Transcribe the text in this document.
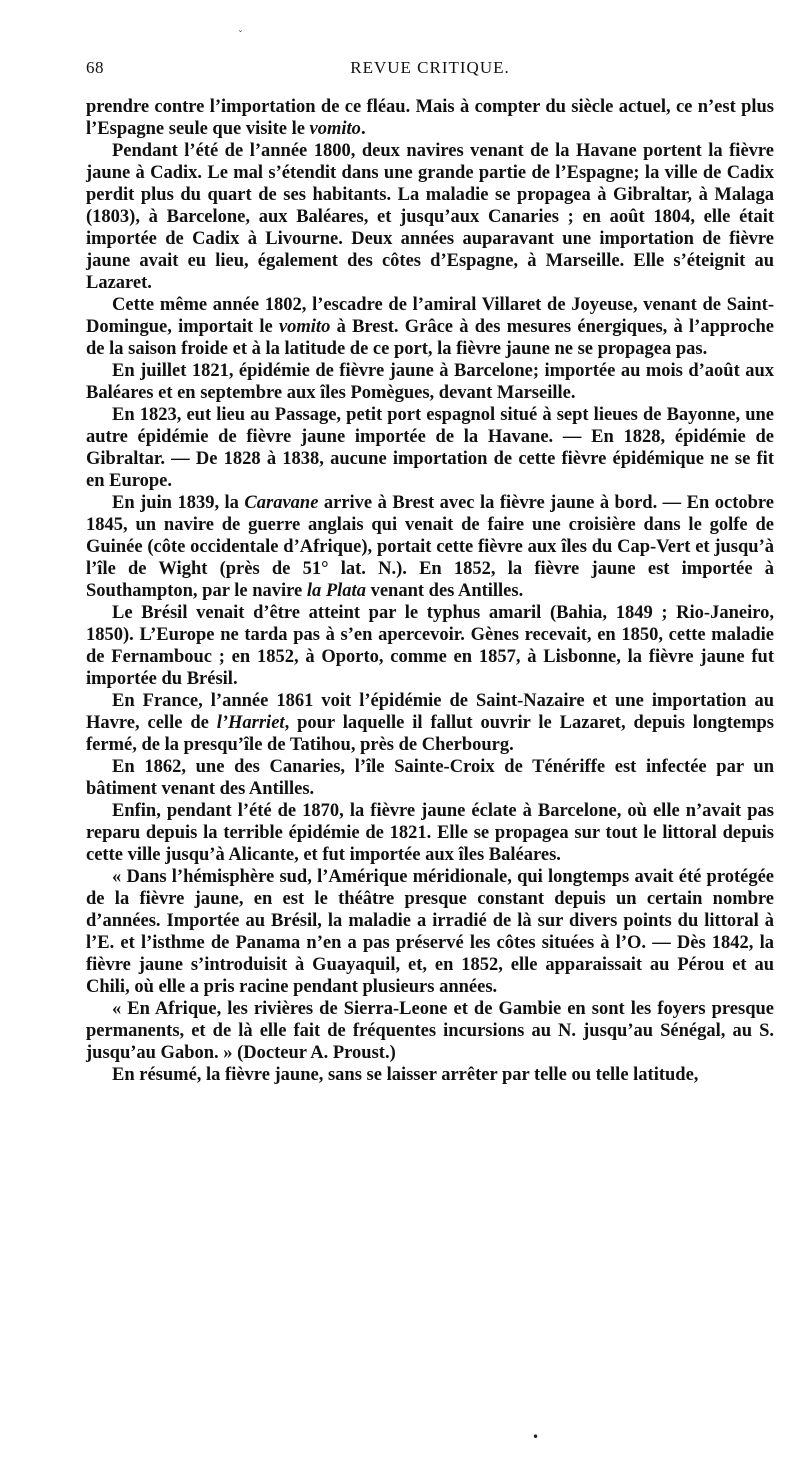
ˇ
68	REVUE CRITIQUE.

prendre contre l’importation de ce fléau. Mais à compter du siècle actuel, ce n’est plus l’Espagne seule que visite le vomito.

Pendant l’été de l’année 1800, deux navires venant de la Havane portent la fièvre jaune à Cadix. Le mal s’étendit dans une grande partie de l’Espagne; la ville de Cadix perdit plus du quart de ses habitants. La maladie se propagea à Gibraltar, à Malaga (1803), à Barcelone, aux Baléares, et jusqu’aux Canaries ; en août 1804, elle était importée de Cadix à Livourne. Deux années auparavant une importation de fièvre jaune avait eu lieu, également des côtes d’Espagne, à Marseille. Elle s’éteignit au Lazaret.

Cette même année 1802, l’escadre de l’amiral Villaret de Joyeuse, venant de Saint-Domingue, importait le vomito à Brest. Grâce à des mesures énergiques, à l’approche de la saison froide et à la latitude de ce port, la fièvre jaune ne se propagea pas.

En juillet 1821, épidémie de fièvre jaune à Barcelone; importée au mois d’août aux Baléares et en septembre aux îles Pomègues, devant Marseille.

En 1823, eut lieu au Passage, petit port espagnol situé à sept lieues de Bayonne, une autre épidémie de fièvre jaune importée de la Havane. — En 1828, épidémie de Gibraltar. — De 1828 à 1838, aucune importation de cette fièvre épidémique ne se fit en Europe.

En juin 1839, la Caravane arrive à Brest avec la fièvre jaune à bord. — En octobre 1845, un navire de guerre anglais qui venait de faire une croisière dans le golfe de Guinée (côte occidentale d’Afrique), portait cette fièvre aux îles du Cap-Vert et jusqu’à l’île de Wight (près de 51° lat. N.). En 1852, la fièvre jaune est importée à Southampton, par le navire la Plata venant des Antilles.

Le Brésil venait d’être atteint par le typhus amaril (Bahia, 1849 ; Rio-Janeiro, 1850). L’Europe ne tarda pas à s’en apercevoir. Gènes recevait, en 1850, cette maladie de Fernambouc ; en 1852, à Oporto, comme en 1857, à Lisbonne, la fièvre jaune fut importée du Brésil.

En France, l’année 1861 voit l’épidémie de Saint-Nazaire et une importation au Havre, celle de l’Harriet, pour laquelle il fallut ouvrir le Lazaret, depuis longtemps fermé, de la presqu’île de Tatihou, près de Cherbourg.

En 1862, une des Canaries, l’île Sainte-Croix de Ténériffe est infectée par un bâtiment venant des Antilles.

Enfin, pendant l’été de 1870, la fièvre jaune éclate à Barcelone, où elle n’avait pas reparu depuis la terrible épidémie de 1821. Elle se propagea sur tout le littoral depuis cette ville jusqu’à Alicante, et fut importée aux îles Baléares.

« Dans l’hémisphère sud, l’Amérique méridionale, qui longtemps avait été protégée de la fièvre jaune, en est le théâtre presque constant depuis un certain nombre d’années. Importée au Brésil, la maladie a irradié de là sur divers points du littoral à l’E. et l’isthme de Panama n’en a pas préservé les côtes situées à l’O. — Dès 1842, la fièvre jaune s’introduisit à Guayaquil, et, en 1852, elle apparaissait au Pérou et au Chili, où elle a pris racine pendant plusieurs années.

« En Afrique, les rivières de Sierra-Leone et de Gambie en sont les foyers presque permanents, et de là elle fait de fréquentes incursions au N. jusqu’au Sénégal, au S. jusqu’au Gabon. » (Docteur A. Proust.)

En résumé, la fièvre jaune, sans se laisser arrêter par telle ou telle latitude,

•
